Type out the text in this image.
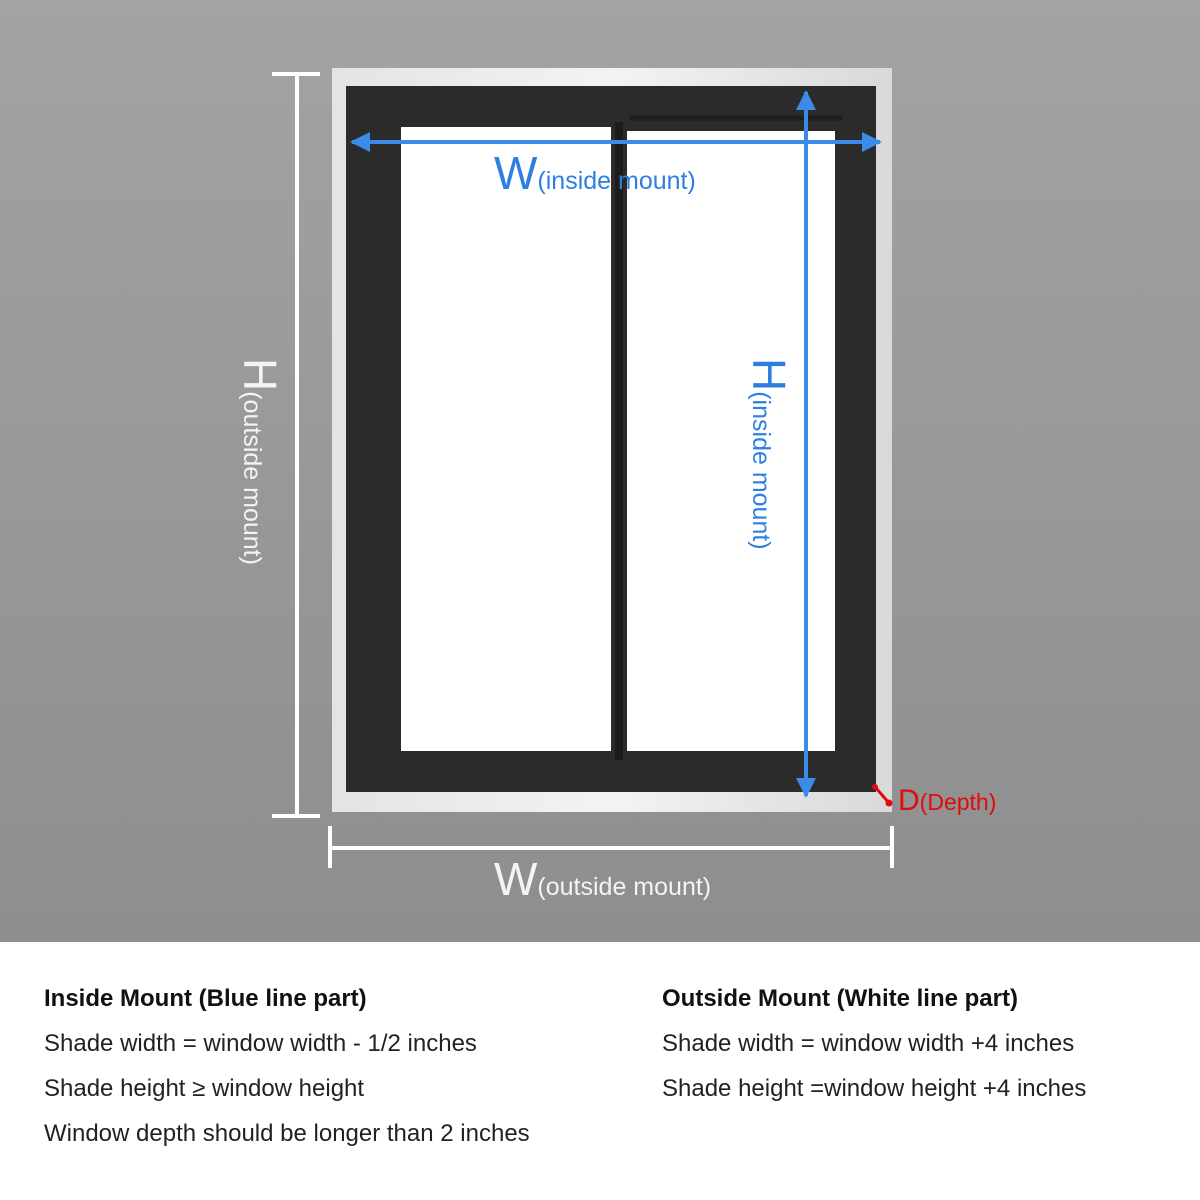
W(inside mount)
H(inside mount)
H(outside mount)
W(outside mount)
D(Depth)
Inside Mount (Blue line part)
Shade width = window width - 1/2 inches
Shade height ≥ window height
Window depth should be longer than 2 inches
Outside Mount (White line part)
Shade width = window width +4 inches
Shade height =window height +4 inches
